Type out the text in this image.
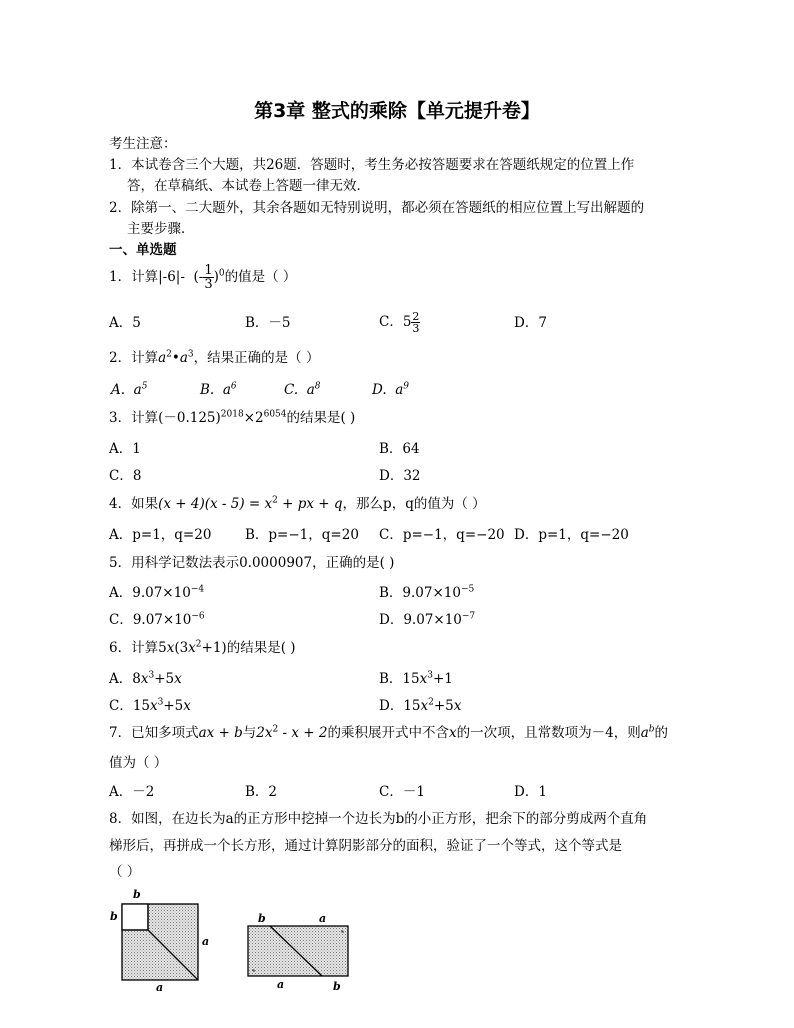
第3章 整式的乘除【单元提升卷】
考生注意：
1．本试卷含三个大题，共26题．答题时，考生务必按答题要求在答题纸规定的位置上作
答，在草稿纸、本试卷上答题一律无效．
2．除第一、二大题外，其余各题如无特别说明，都必须在答题纸的相应位置上写出解题的
主要步骤．
一、单选题
1．计算|-6|- (- $\frac{1}{3} )^0$的值是（ ）
A．5	B．－5	C．$5 \frac{2}{3}$	D．7
2．计算$a^2•a^3$，结果正确的是（ ）
A. $a^5$	B. $a^6$	C. $a^8$	D. $a^9$
3．计算$(-0.125)^{2018}\times 2^{6054}$的结果是( )
A．1	B．64
C．8	D．32
4．如果$(x + 4)(x - 5) = x^2$ + px + q，那么p，q的值为（ ）
A．p=1，q=20 B．p=−1，q=20 C．p=−1，q=−20 D．p=1，q=−20
5．用科学记数法表示0.0000907，正确的是( )
A．$9.07\times 10^{-4}$	B．$9.07\times 10^{-5}$
C．$9.07\times 10^{-6}$	D．$9.07\times 10^{-7}$
6．计算$5x(3x^2+1)$的结果是( )
A．$8x^3+5x$	B．$15x^3+1$
C．$15x^3+5x$	D．$15x^2+5x$
7．已知多项式ax + b与$2x^2 - x + 2$的乘积展开式中不含x的一次项，且常数项为－4，则$a^b$的
值为（ ）
A．－2	B．2	C．－1	D．1
8．如图，在边长为a的正方形中挖掉一个边长为b的小正方形，把余下的部分剪成两个直角
梯形后，再拼成一个长方形，通过计算阴影部分的面积，验证了一个等式，这个等式是
（ ）
b
b
a
a
b	a
a	b
